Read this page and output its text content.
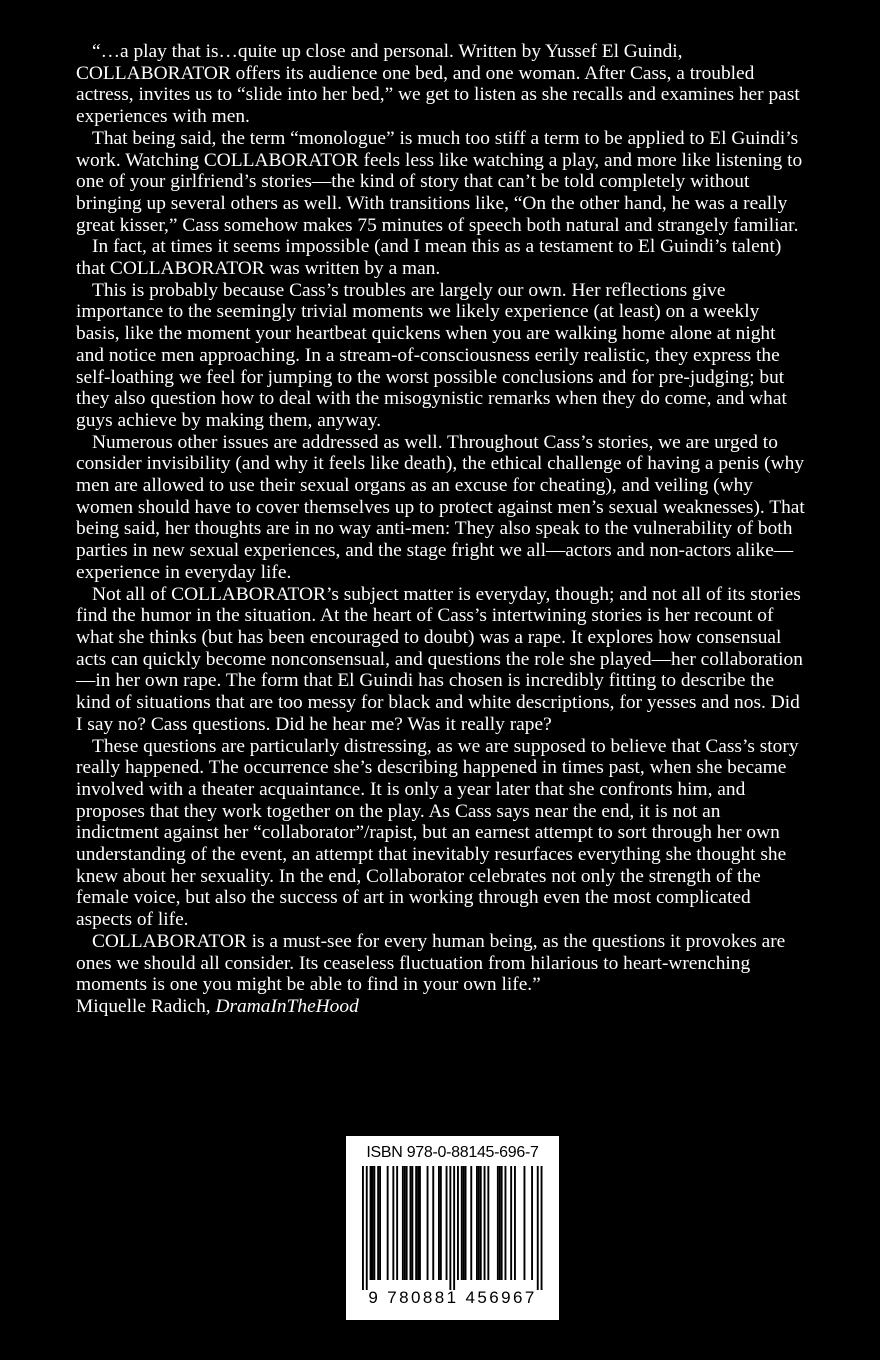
“…a play that is…quite up close and personal. Written by Yussef El Guindi, COLLABORATOR offers its audience one bed, and one woman. After Cass, a troubled actress, invites us to “slide into her bed,” we get to listen as she recalls and examines her past experiences with men.

That being said, the term “monologue” is much too stiff a term to be applied to El Guindi’s work. Watching COLLABORATOR feels less like watching a play, and more like listening to one of your girlfriend’s stories—the kind of story that can’t be told completely without bringing up several others as well. With transitions like, “On the other hand, he was a really great kisser,” Cass somehow makes 75 minutes of speech both natural and strangely familiar.

In fact, at times it seems impossible (and I mean this as a testament to El Guindi’s talent) that COLLABORATOR was written by a man.

This is probably because Cass’s troubles are largely our own. Her reflections give importance to the seemingly trivial moments we likely experience (at least) on a weekly basis, like the moment your heartbeat quickens when you are walking home alone at night and notice men approaching. In a stream-of-consciousness eerily realistic, they express the self-loathing we feel for jumping to the worst possible conclusions and for pre-judging; but they also question how to deal with the misogynistic remarks when they do come, and what guys achieve by making them, anyway.

Numerous other issues are addressed as well. Throughout Cass’s stories, we are urged to consider invisibility (and why it feels like death), the ethical challenge of having a penis (why men are allowed to use their sexual organs as an excuse for cheating), and veiling (why women should have to cover themselves up to protect against men’s sexual weaknesses). That being said, her thoughts are in no way anti-men: They also speak to the vulnerability of both parties in new sexual experiences, and the stage fright we all—actors and non-actors alike—experience in everyday life.

Not all of COLLABORATOR’s subject matter is everyday, though; and not all of its stories find the humor in the situation. At the heart of Cass’s intertwining stories is her recount of what she thinks (but has been encouraged to doubt) was a rape. It explores how consensual acts can quickly become nonconsensual, and questions the role she played—her collaboration—in her own rape. The form that El Guindi has chosen is incredibly fitting to describe the kind of situations that are too messy for black and white descriptions, for yesses and nos. Did I say no? Cass questions. Did he hear me? Was it really rape?

These questions are particularly distressing, as we are supposed to believe that Cass’s story really happened. The occurrence she’s describing happened in times past, when she became involved with a theater acquaintance. It is only a year later that she confronts him, and proposes that they work together on the play. As Cass says near the end, it is not an indictment against her “collaborator”/rapist, but an earnest attempt to sort through her own understanding of the event, an attempt that inevitably resurfaces everything she thought she knew about her sexuality. In the end, Collaborator celebrates not only the strength of the female voice, but also the success of art in working through even the most complicated aspects of life.

COLLABORATOR is a must-see for every human being, as the questions it provokes are ones we should all consider. Its ceaseless fluctuation from hilarious to heart-wrenching moments is one you might be able to find in your own life.”

Miquelle Radich, DramaInTheHood

ISBN 978-0-88145-696-7
9 780881 456967
